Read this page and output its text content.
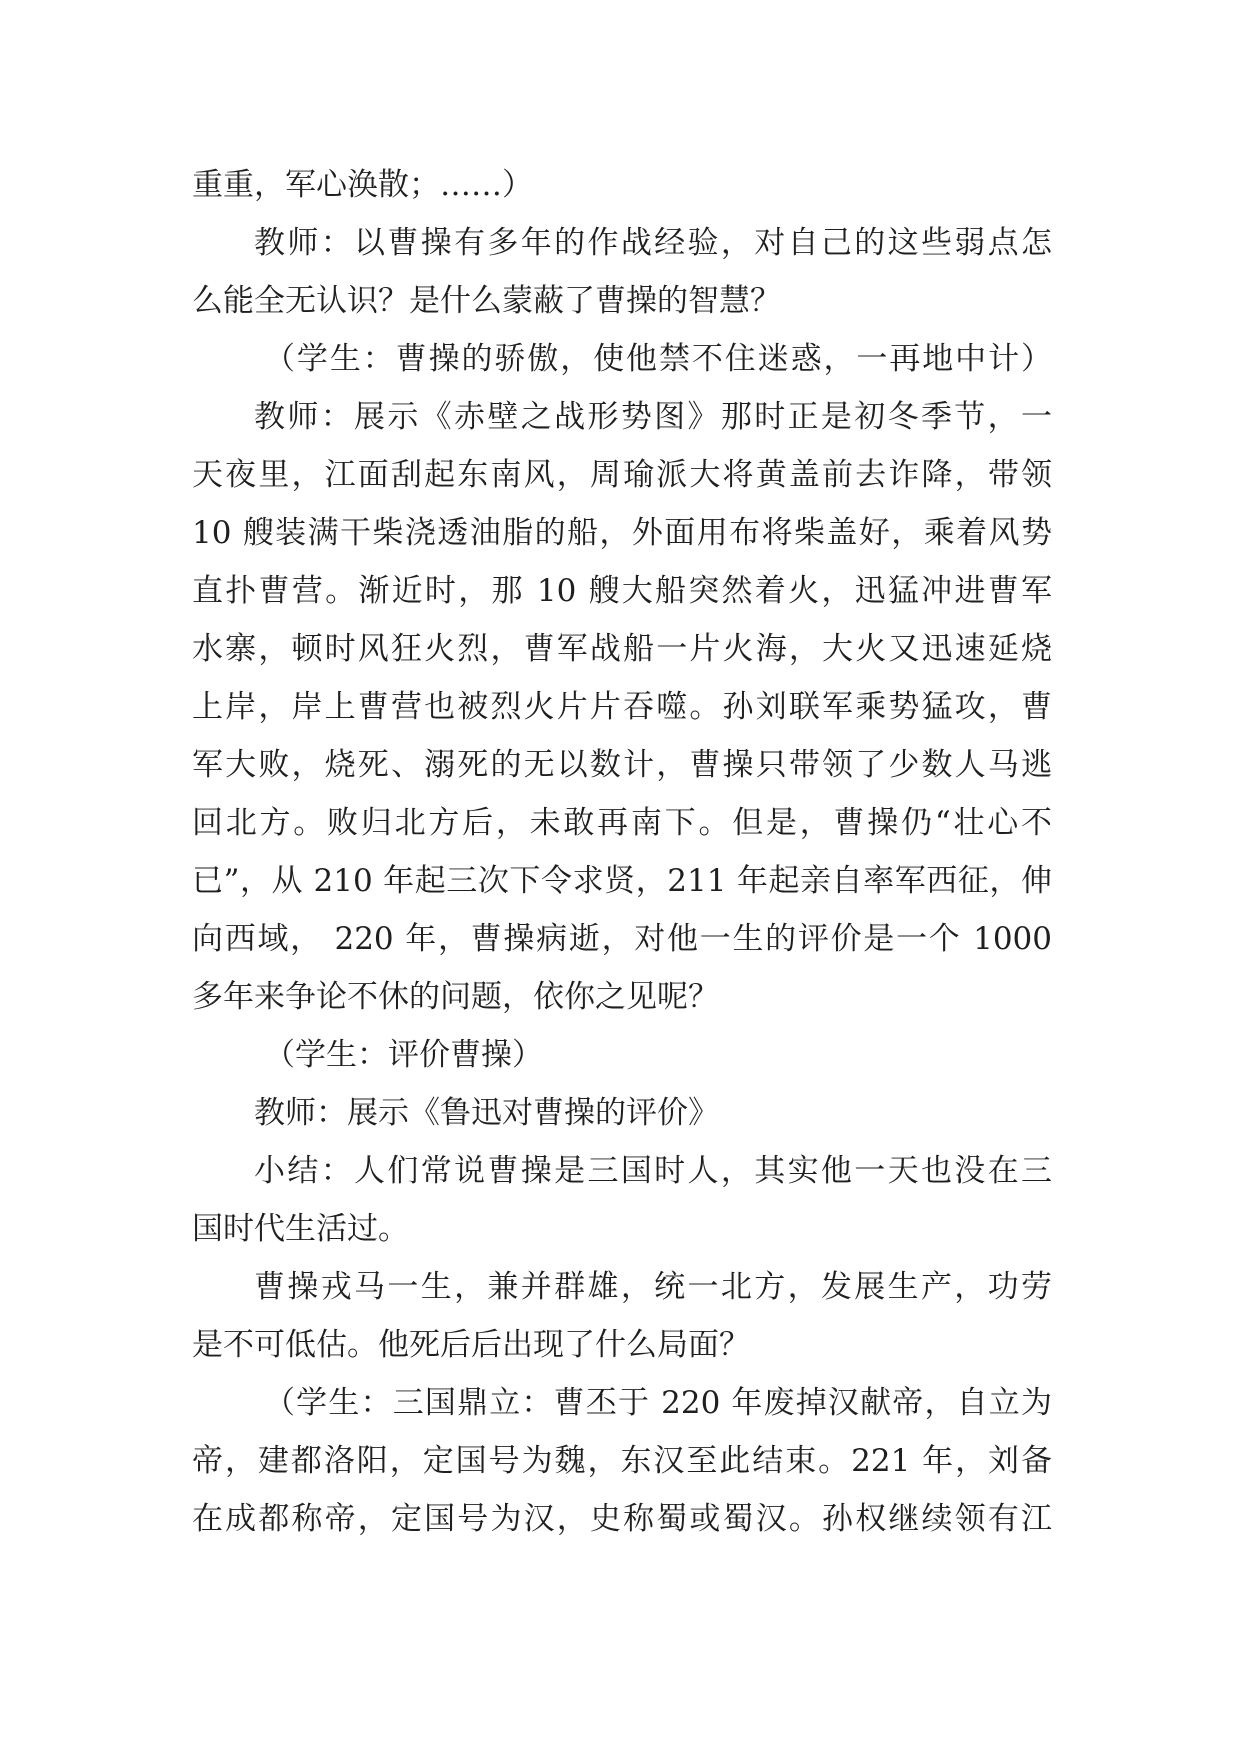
重重，军心涣散；……）
教师：以曹操有多年的作战经验，对自己的这些弱点怎
么能全无认识？是什么蒙蔽了曹操的智慧？
（学生：曹操的骄傲，使他禁不住迷惑，一再地中计）
教师：展示《赤壁之战形势图》那时正是初冬季节，一
天夜里，江面刮起东南风，周瑜派大将黄盖前去诈降，带领
10 艘装满干柴浇透油脂的船，外面用布将柴盖好，乘着风势
直扑曹营。渐近时，那 10 艘大船突然着火，迅猛冲进曹军
水寨，顿时风狂火烈，曹军战船一片火海，大火又迅速延烧
上岸，岸上曹营也被烈火片片吞噬。孙刘联军乘势猛攻，曹
军大败，烧死、溺死的无以数计，曹操只带领了少数人马逃
回北方。败归北方后，未敢再南下。但是，曹操仍“壮心不
已”，从 210 年起三次下令求贤，211 年起亲自率军西征，伸
向西域， 220 年，曹操病逝，对他一生的评价是一个 1000
多年来争论不休的问题，依你之见呢？
（学生：评价曹操）
教师：展示《鲁迅对曹操的评价》
小结：人们常说曹操是三国时人，其实他一天也没在三
国时代生活过。
曹操戎马一生，兼并群雄，统一北方，发展生产，功劳
是不可低估。他死后后出现了什么局面？
（学生：三国鼎立：曹丕于 220 年废掉汉献帝，自立为
帝，建都洛阳，定国号为魏，东汉至此结束。221 年，刘备
在成都称帝，定国号为汉，史称蜀或蜀汉。孙权继续领有江
